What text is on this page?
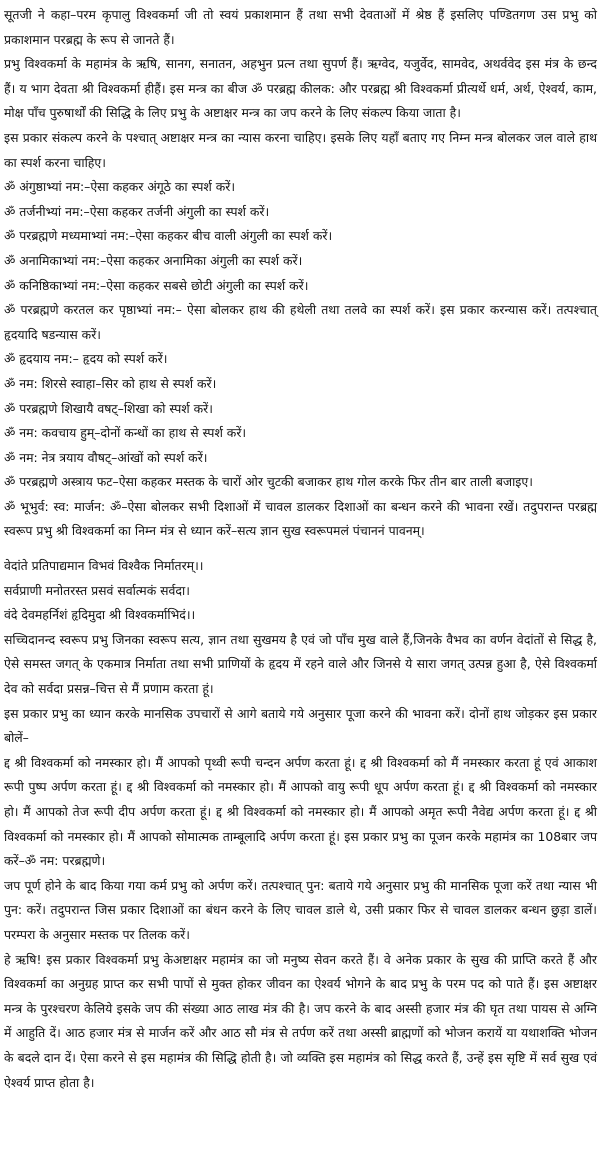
सूतजी ने कहा–परम कृपालु विश्वकर्मा जी तो स्वयं प्रकाशमान हैं तथा सभी देवताओं में श्रेष्ठ हैं इसलिए पण्डितगण उस प्रभु को प्रकाशमान परब्रह्म के रूप से जानते हैं।

प्रभु विश्वकर्मा के महामंत्र के ऋषि, सानग, सनातन, अहभुन प्रत्न तथा सुपर्ण हैं। ऋग्वेद, यजुर्वेद, सामवेद, अथर्ववेद इस मंत्र के छन्द हैं। य भाग देवता श्री विश्वकर्मा हीहैं। इस मन्त्र का बीज ॐ परब्रह्म कीलक: और परब्रह्म श्री विश्वकर्मा प्रीत्यर्थे धर्म, अर्थ, ऐश्वर्य, काम, मोक्ष पाँच पुरुषार्थों की सिद्धि के लिए प्रभु के अष्टाक्षर मन्त्र का जप करने के लिए संकल्प किया जाता है।

इस प्रकार संकल्प करने के पश्चात् अष्टाक्षर मन्त्र का न्यास करना चाहिए। इसके लिए यहाँ बताए गए निम्न मन्त्र बोलकर जल वाले हाथ का स्पर्श करना चाहिए।

ॐ अंगुष्ठाभ्यां नम:–ऐसा कहकर अंगूठे का स्पर्श करें।

ॐ तर्जनीभ्यां नम:–ऐसा कहकर तर्जनी अंगुली का स्पर्श करें।

ॐ परब्रह्मणे मध्यमाभ्यां नम:–ऐसा कहकर बीच वाली अंगुली का स्पर्श करें।

ॐ अनामिकाभ्यां नम:–ऐसा कहकर अनामिका अंगुली का स्पर्श करें।

ॐ कनिष्ठिकाभ्यां नम:–ऐसा कहकर सबसे छोटी अंगुली का स्पर्श करें।

ॐ परब्रह्मणे करतल कर पृष्ठाभ्यां नम:– ऐसा बोलकर हाथ की हथेली तथा तलवे का स्पर्श करें। इस प्रकार करन्यास करें। तत्पश्चात् हृदयादि षडन्यास करें।

ॐ हृदयाय नम:– हृदय को स्पर्श करें।

ॐ नम: शिरसे स्वाहा–सिर को हाथ से स्पर्श करें।

ॐ परब्रह्मणे शिखायै वषट्–शिखा को स्पर्श करें।

ॐ नम: कवचाय हुम्–दोनों कन्धों का हाथ से स्पर्श करें।

ॐ नम: नेत्र त्रयाय वौषट्–आंखों को स्पर्श करें।

ॐ परब्रह्मणे अस्त्राय फट–ऐसा कहकर मस्तक के चारों ओर चुटकी बजाकर हाथ गोल करके फिर तीन बार ताली बजाइए।

ॐ भूभुर्व: स्व: मार्जन: ॐ–ऐसा बोलकर सभी दिशाओं में चावल डालकर दिशाओं का बन्धन करने की भावना रखें। तदुपरान्त परब्रह्म स्वरूप प्रभु श्री विश्वकर्मा का निम्न मंत्र से ध्यान करें–सत्य ज्ञान सुख स्वरूपमलं पंचाननं पावनम्।

वेदांते प्रतिपाद्यमान विभवं विश्वैक निर्मातरम्।।

सर्वप्राणी मनोतरस्त प्रसवं सर्वात्मकं सर्वदा।

वंदे देवमहर्निशं हृदिमुदा श्री विश्वकर्माभिदं।।

सच्चिदानन्द स्वरूप प्रभु जिनका स्वरूप सत्य, ज्ञान तथा सुखमय है एवं जो पाँच मुख वाले हैं,जिनके वैभव का वर्णन वेदांतों से सिद्ध है, ऐसे समस्त जगत् के एकमात्र निर्माता तथा सभी प्राणियों के हृदय में रहने वाले और जिनसे ये सारा जगत् उत्पन्न हुआ है, ऐसे विश्वकर्मा देव को सर्वदा प्रसन्न–चित्त से मैं प्रणाम करता हूं।

इस प्रकार प्रभु का ध्यान करके मानसिक उपचारों से आगे बताये गये अनुसार पूजा करने की भावना करें। दोनों हाथ जोड़कर इस प्रकार बोलें–

द्द श्री विश्वकर्मा को नमस्कार हो। मैं आपको पृथ्वी रूपी चन्दन अर्पण करता हूं। द्द श्री विश्वकर्मा को मैं नमस्कार करता हूं एवं आकाश रूपी पुष्प अर्पण करता हूं। द्द श्री विश्वकर्मा को नमस्कार हो। मैं आपको वायु रूपी धूप अर्पण करता हूं। द्द श्री विश्वकर्मा को नमस्कार हो। मैं आपको तेज रूपी दीप अर्पण करता हूं। द्द श्री विश्वकर्मा को नमस्कार हो। मैं आपको अमृत रूपी नैवेद्य अर्पण करता हूं। द्द श्री विश्वकर्मा को नमस्कार हो। मैं आपको सोमात्मक ताम्बूलादि अर्पण करता हूं। इस प्रकार प्रभु का पूजन करके महामंत्र का 108बार जप करें–ॐ नम: परब्रह्मणे।

जप पूर्ण होने के बाद किया गया कर्म प्रभु को अर्पण करें। तत्पश्चात् पुन: बताये गये अनुसार प्रभु की मानसिक पूजा करें तथा न्यास भी पुन: करें। तदुपरान्त जिस प्रकार दिशाओं का बंधन करने के लिए चावल डाले थे, उसी प्रकार फिर से चावल डालकर बन्धन छुड़ा डालें। परम्परा के अनुसार मस्तक पर तिलक करें।

हे ऋषि! इस प्रकार विश्वकर्मा प्रभु केअष्टाक्षर महामंत्र का जो मनुष्य सेवन करते हैं। वे अनेक प्रकार के सुख की प्राप्ति करते हैं और विश्वकर्मा का अनुग्रह प्राप्त कर सभी पापों से मुक्त होकर जीवन का ऐश्वर्य भोगने के बाद प्रभु के परम पद को पाते हैं। इस अष्टाक्षर मन्त्र के पुरश्चरण केलिये इसके जप की संख्या आठ लाख मंत्र की है। जप करने के बाद अस्सी हजार मंत्र की घृत तथा पायस से अग्नि में आहुति दें। आठ हजार मंत्र से मार्जन करें और आठ सौ मंत्र से तर्पण करें तथा अस्सी ब्राह्मणों को भोजन करायें या यथाशक्ति भोजन के बदले दान दें। ऐसा करने से इस महामंत्र की सिद्धि होती है। जो व्यक्ति इस महामंत्र को सिद्ध करते हैं, उन्हें इस सृष्टि में सर्व सुख एवं ऐश्वर्य प्राप्त होता है।
